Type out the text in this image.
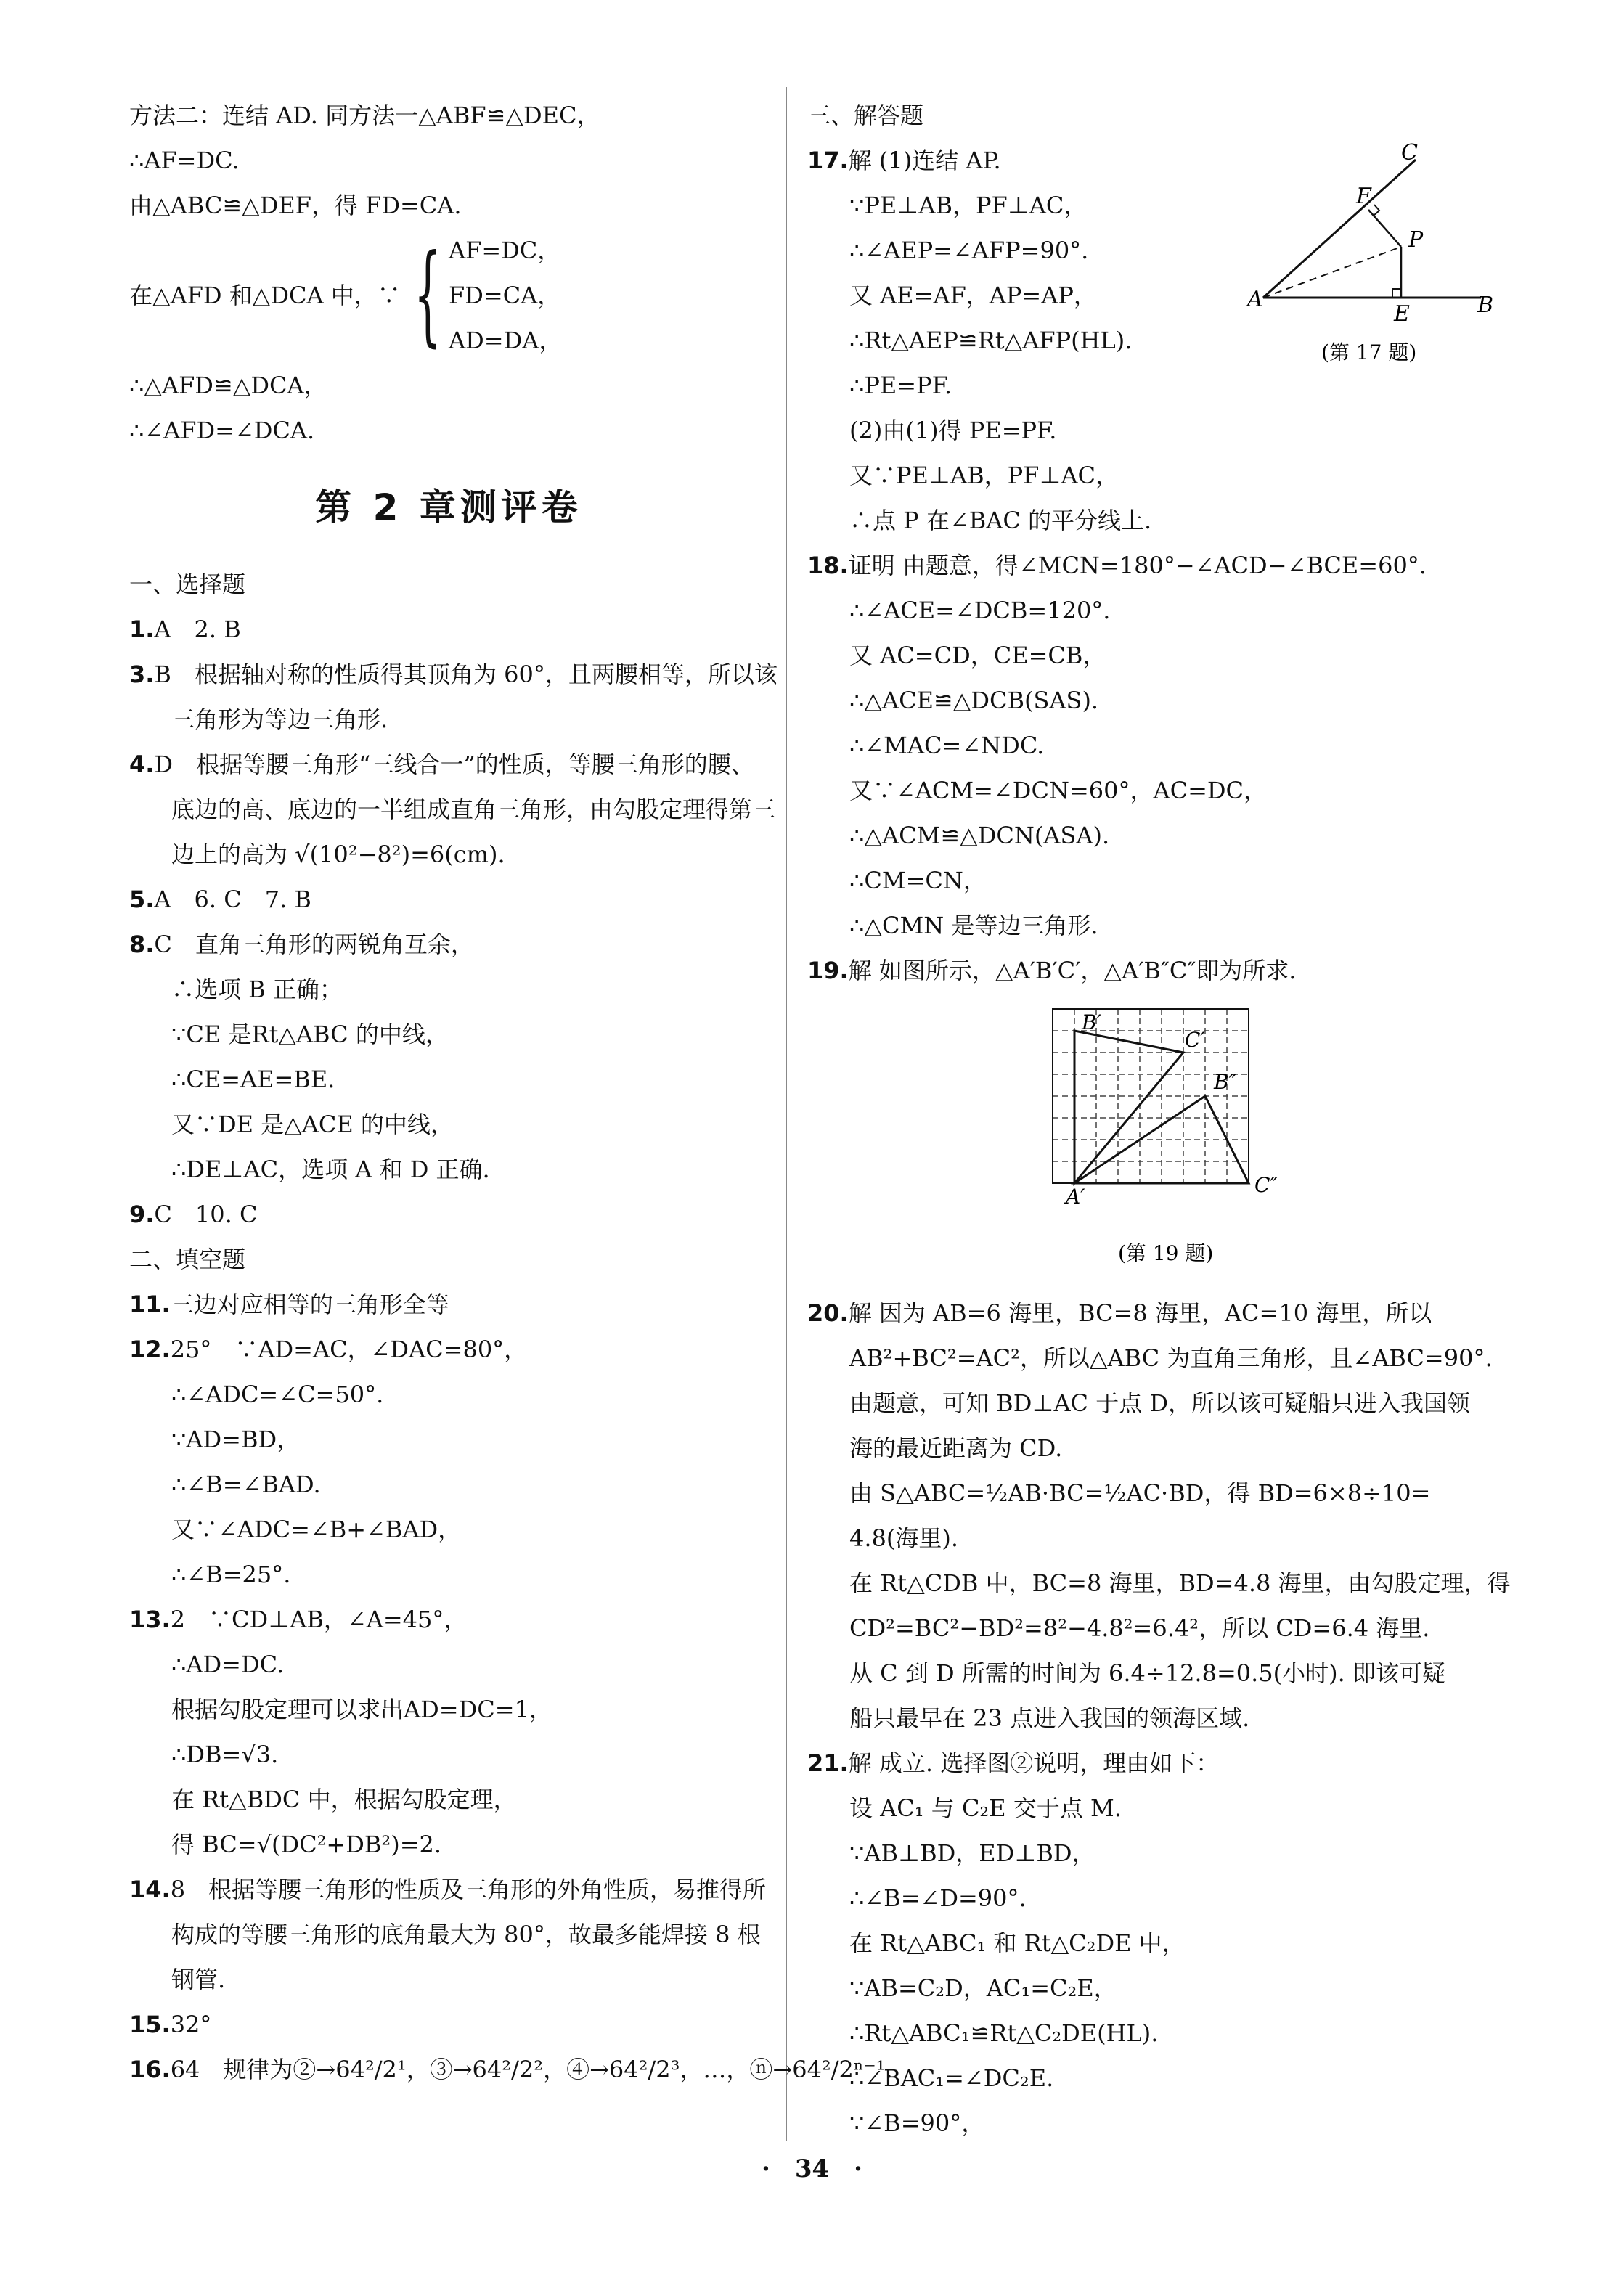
方法二：连结 AD. 同方法一△ABF≌△DEC，
∴AF=DC.
由△ABC≌△DEF，得 FD=CA.
在△AFD 和△DCA 中，∵ { AF=DC，
FD=CA，
AD=DA，
∴△AFD≌△DCA，
∴∠AFD=∠DCA.
第 2 章测评卷
一、选择题
1.A　2. B
3.B　根据轴对称的性质得其顶角为 60°，且两腰相等，所以该
三角形为等边三角形.
4.D　根据等腰三角形“三线合一”的性质，等腰三角形的腰、
底边的高、底边的一半组成直角三角形，由勾股定理得第三
边上的高为 √(10²−8²)=6(cm).
5.A　6. C　7. B
8.C　直角三角形的两锐角互余，
∴选项 B 正确；
∵CE 是Rt△ABC 的中线，
∴CE=AE=BE.
又∵DE 是△ACE 的中线，
∴DE⊥AC，选项 A 和 D 正确.
9.C　10. C
二、填空题
11.三边对应相等的三角形全等
12.25°　∵AD=AC，∠DAC=80°，
∴∠ADC=∠C=50°.
∵AD=BD，
∴∠B=∠BAD.
又∵∠ADC=∠B+∠BAD，
∴∠B=25°.
13.2　∵CD⊥AB，∠A=45°，
∴AD=DC.
根据勾股定理可以求出AD=DC=1，
∴DB=√3.
在 Rt△BDC 中，根据勾股定理，
得 BC=√(DC²+DB²)=2.
14.8　根据等腰三角形的性质及三角形的外角性质，易推得所
构成的等腰三角形的底角最大为 80°，故最多能焊接 8 根
钢管.
15.32°
16.64　规律为②→64²/2¹，③→64²/2²，④→64²/2³，…，ⓝ→64²/2ⁿ⁻¹.
三、解答题
17.解 (1)连结 AP.
∵PE⊥AB，PF⊥AC，
∴∠AEP=∠AFP=90°.
又 AE=AF，AP=AP，
∴Rt△AEP≌Rt△AFP(HL).
∴PE=PF.
(2)由(1)得 PE=PF.
又∵PE⊥AB，PF⊥AC，
∴点 P 在∠BAC 的平分线上.
18.证明 由题意，得∠MCN=180°−∠ACD−∠BCE=60°.
∴∠ACE=∠DCB=120°.
又 AC=CD，CE=CB，
∴△ACE≌△DCB(SAS).
∴∠MAC=∠NDC.
又∵∠ACM=∠DCN=60°，AC=DC，
∴△ACM≌△DCN(ASA).
∴CM=CN，
∴△CMN 是等边三角形.
19.解 如图所示，△A′B′C′，△A′B″C″即为所求.
20.解 因为 AB=6 海里，BC=8 海里，AC=10 海里，所以
AB²+BC²=AC²，所以△ABC 为直角三角形，且∠ABC=90°.
由题意，可知 BD⊥AC 于点 D，所以该可疑船只进入我国领
海的最近距离为 CD.
由 S△ABC=½AB·BC=½AC·BD，得 BD=6×8÷10=
4.8(海里).
在 Rt△CDB 中，BC=8 海里，BD=4.8 海里，由勾股定理，得
CD²=BC²−BD²=8²−4.8²=6.4²，所以 CD=6.4 海里.
从 C 到 D 所需的时间为 6.4÷12.8=0.5(小时). 即该可疑
船只最早在 23 点进入我国的领海区域.
21.解 成立. 选择图②说明，理由如下：
设 AC₁ 与 C₂E 交于点 M.
∵AB⊥BD，ED⊥BD，
∴∠B=∠D=90°.
在 Rt△ABC₁ 和 Rt△C₂DE 中，
∵AB=C₂D，AC₁=C₂E，
∴Rt△ABC₁≌Rt△C₂DE(HL).
∴∠BAC₁=∠DC₂E.
∵∠B=90°，
C
F
P
A
E	B
(第 17 题)
B′
C′
B″
A′	C″
(第 19 题)
·　34　·
